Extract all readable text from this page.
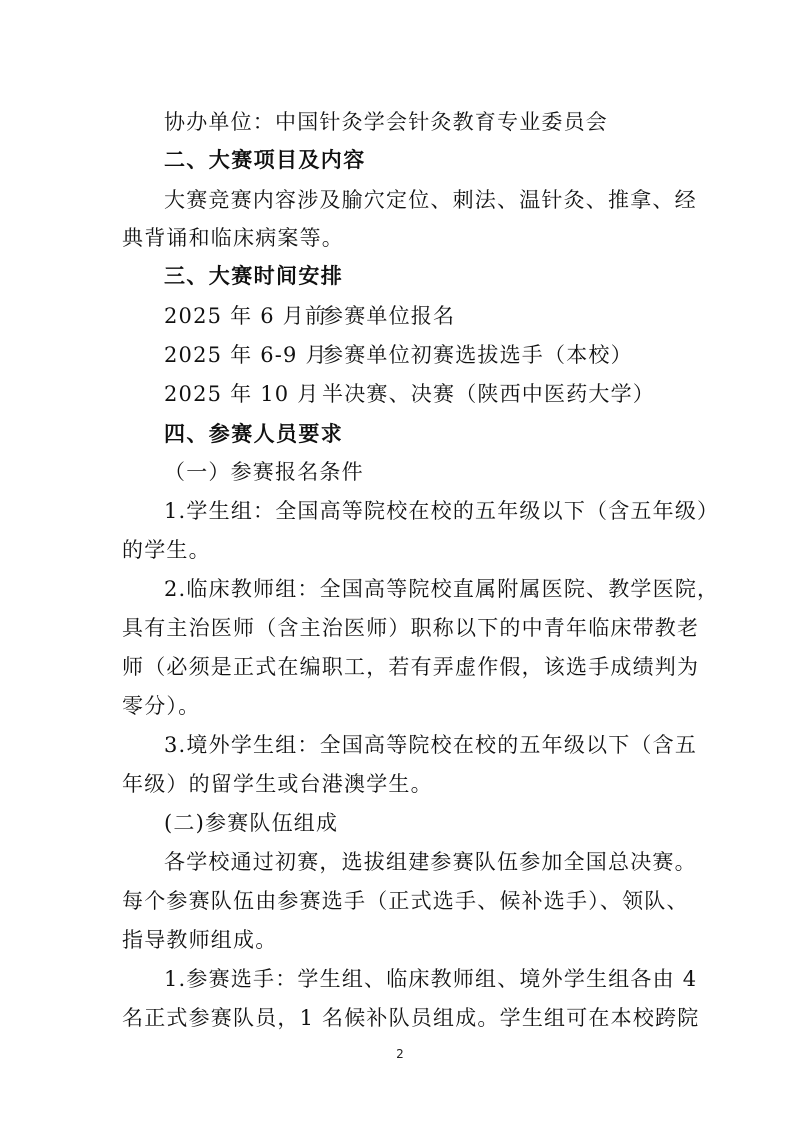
协办单位：中国针灸学会针灸教育专业委员会
二、大赛项目及内容
大赛竞赛内容涉及腧穴定位、刺法、温针灸、推拿、经
典背诵和临床病案等。
三、大赛时间安排
2025 年 6 月前参赛单位报名
2025 年 6-9 月参赛单位初赛选拔选手（本校）
2025 年 10 月 半决赛、决赛（陕西中医药大学）
四、参赛人员要求
（一）参赛报名条件
1.学生组：全国高等院校在校的五年级以下（含五年级）
的学生。
2.临床教师组：全国高等院校直属附属医院、教学医院，
具有主治医师（含主治医师）职称以下的中青年临床带教老
师（必须是正式在编职工，若有弄虚作假，该选手成绩判为
零分）。
3.境外学生组：全国高等院校在校的五年级以下（含五
年级）的留学生或台港澳学生。
(二)参赛队伍组成
各学校通过初赛，选拔组建参赛队伍参加全国总决赛。
每个参赛队伍由参赛选手（正式选手、候补选手）、领队、
指导教师组成。
1.参赛选手：学生组、临床教师组、境外学生组各由 4
名正式参赛队员，1 名候补队员组成。学生组可在本校跨院
2
